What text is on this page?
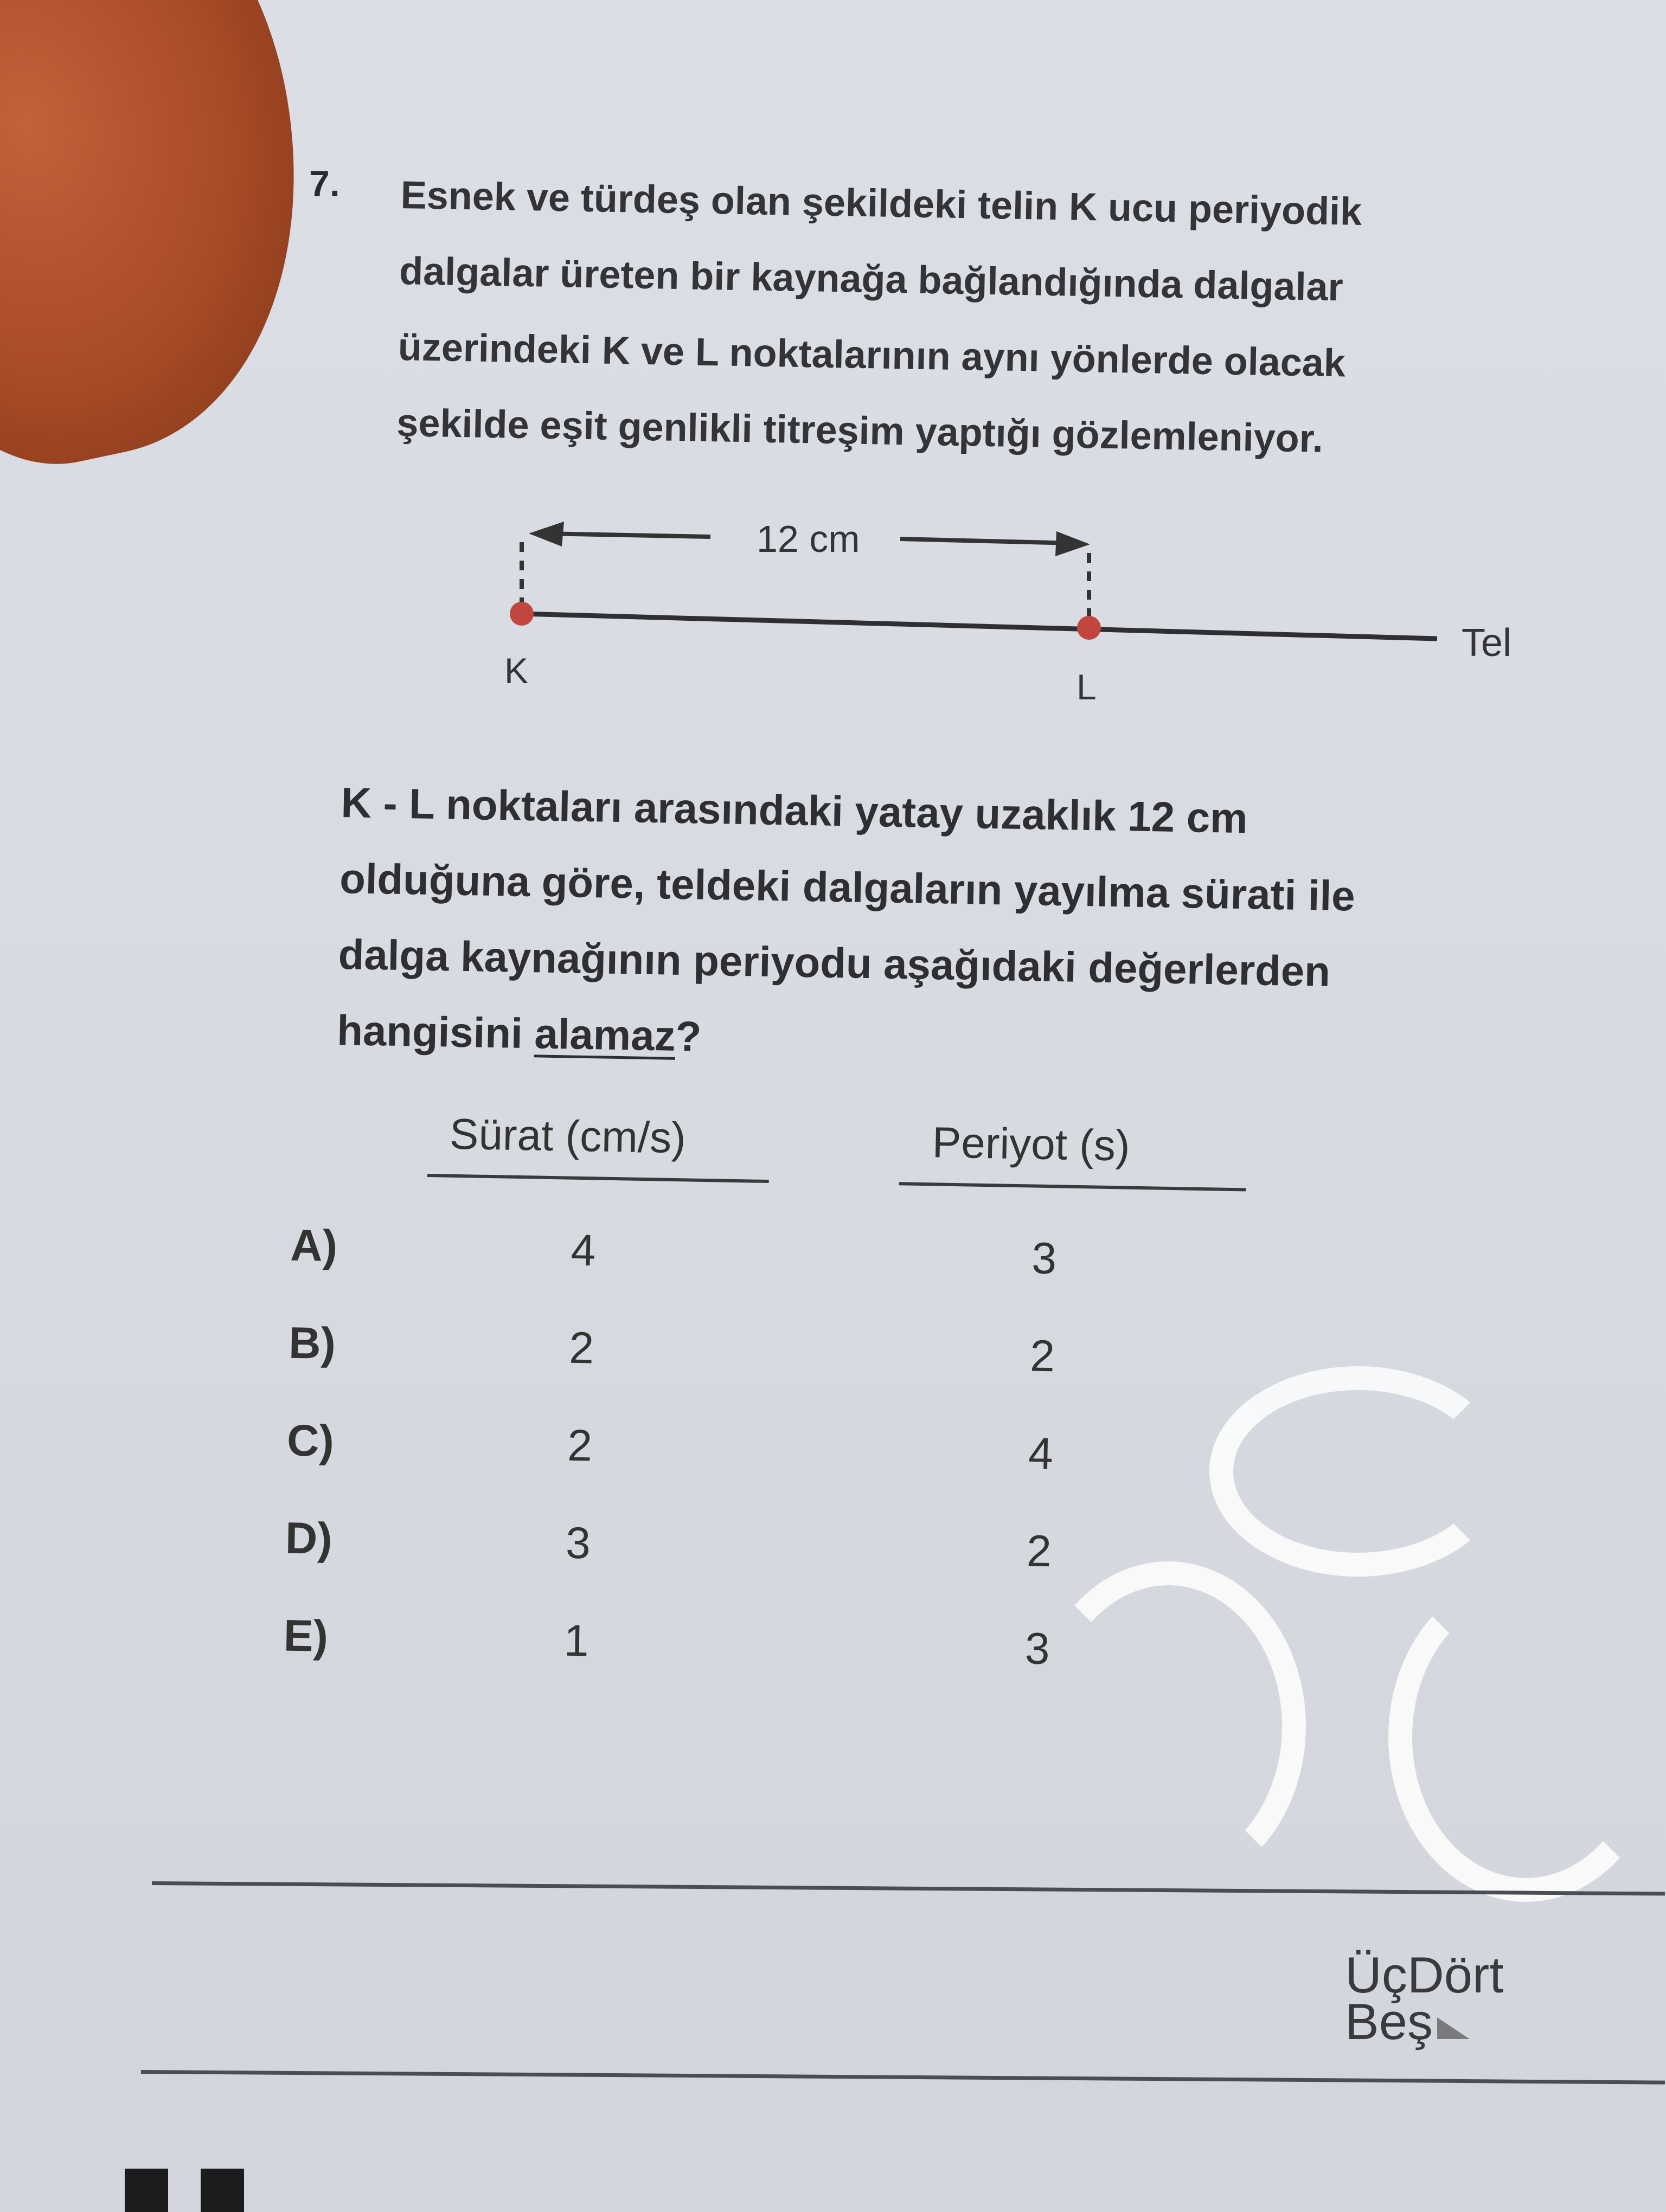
7. Esnek ve türdeş olan şekildeki telin K ucu periyodik
dalgalar üreten bir kaynağa bağlandığında dalgalar
üzerindeki K ve L noktalarının aynı yönlerde olacak
şekilde eşit genlikli titreşim yaptığı gözlemleniyor.
12 cm
K	L
Tel
K - L noktaları arasındaki yatay uzaklık 12 cm
olduğuna göre, teldeki dalgaların yayılma sürati ile
dalga kaynağının periyodu aşağıdaki değerlerden
hangisini alamaz?
Sürat (cm/s)	Periyot (s)
A)	4	3
B)	2	2
C)	2	4
D)	3	2
E)	1	3
ÜçDört
Beş
